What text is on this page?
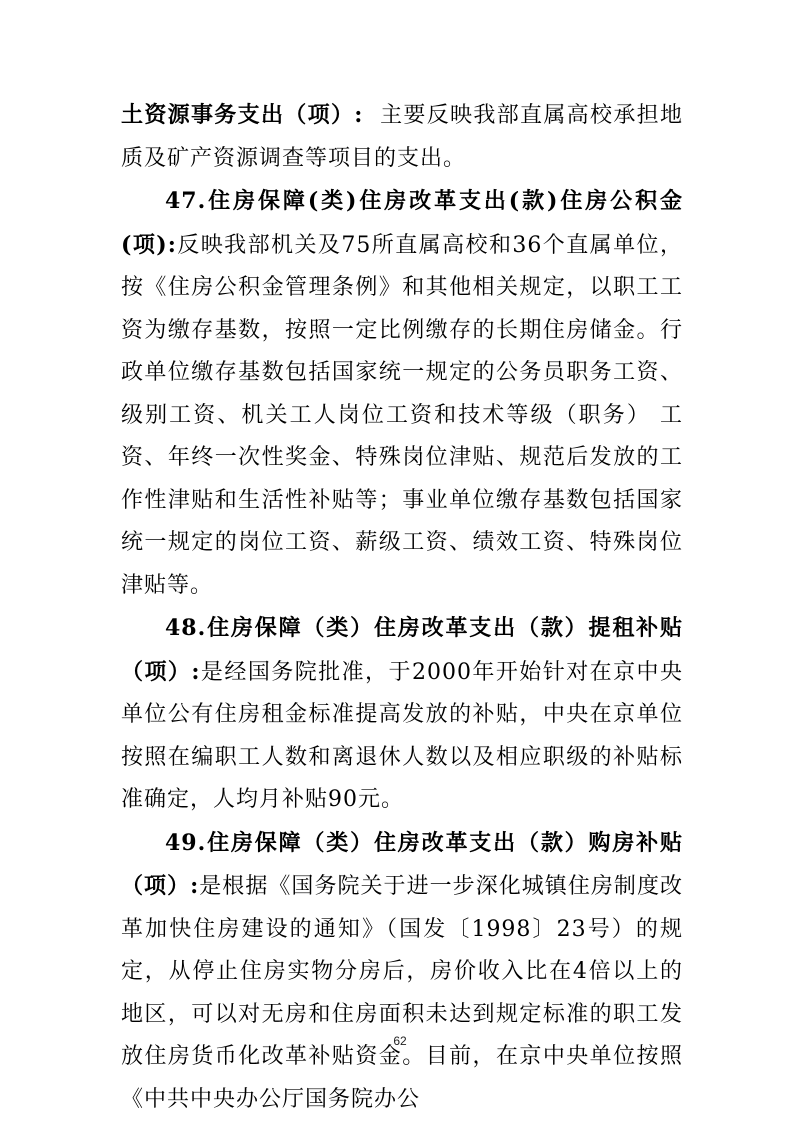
土资源事务支出（项）: 主要反映我部直属高校承担地质及矿产资源调查等项目的支出。

47.住房保障(类)住房改革支出(款)住房公积金(项):反映我部机关及75所直属高校和36个直属单位，按《住房公积金管理条例》和其他相关规定，以职工工资为缴存基数，按照一定比例缴存的长期住房储金。行政单位缴存基数包括国家统一规定的公务员职务工资、级别工资、机关工人岗位工资和技术等级（职务） 工资、年终一次性奖金、特殊岗位津贴、规范后发放的工作性津贴和生活性补贴等；事业单位缴存基数包括国家统一规定的岗位工资、薪级工资、绩效工资、特殊岗位津贴等。

48.住房保障（类）住房改革支出（款）提租补贴（项）:是经国务院批准，于2000年开始针对在京中央单位公有住房租金标准提高发放的补贴，中央在京单位按照在编职工人数和离退休人数以及相应职级的补贴标准确定，人均月补贴90元。

49.住房保障（类）住房改革支出（款）购房补贴（项）:是根据《国务院关于进一步深化城镇住房制度改革加快住房建设的通知》（国发〔1998〕23号）的规定，从停止住房实物分房后，房价收入比在4倍以上的地区，可以对无房和住房面积未达到规定标准的职工发放住房货币化改革补贴资金。目前，在京中央单位按照《中共中央办公厅国务院办公

62
